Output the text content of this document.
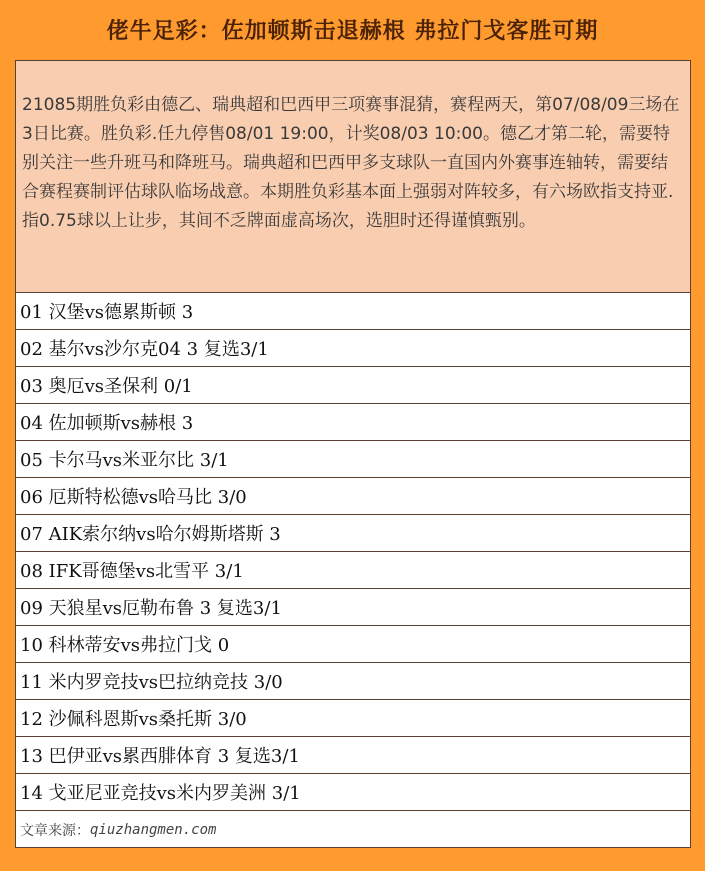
佬牛足彩：佐加顿斯击退赫根 弗拉门戈客胜可期

21085期胜负彩由德乙、瑞典超和巴西甲三项赛事混猜，赛程两天，第07/08/09三场在3日比赛。胜负彩.任九停售08/01 19:00，计奖08/03 10:00。德乙才第二轮，需要特别关注一些升班马和降班马。瑞典超和巴西甲多支球队一直国内外赛事连轴转，需要结合赛程赛制评估球队临场战意。本期胜负彩基本面上强弱对阵较多，有六场欧指支持亚.指0.75球以上让步，其间不乏牌面虚高场次，选胆时还得谨慎甄别。

01 汉堡vs德累斯顿 3
02 基尔vs沙尔克04 3 复选3/1
03 奥厄vs圣保利 0/1
04 佐加顿斯vs赫根 3
05 卡尔马vs米亚尔比 3/1
06 厄斯特松德vs哈马比 3/0
07 AIK索尔纳vs哈尔姆斯塔斯 3
08 IFK哥德堡vs北雪平 3/1
09 天狼星vs厄勒布鲁 3 复选3/1
10 科林蒂安vs弗拉门戈 0
11 米内罗竞技vs巴拉纳竞技 3/0
12 沙佩科恩斯vs桑托斯 3/0
13 巴伊亚vs累西腓体育 3 复选3/1
14 戈亚尼亚竞技vs米内罗美洲 3/1
文章来源： qiuzhangmen.com
